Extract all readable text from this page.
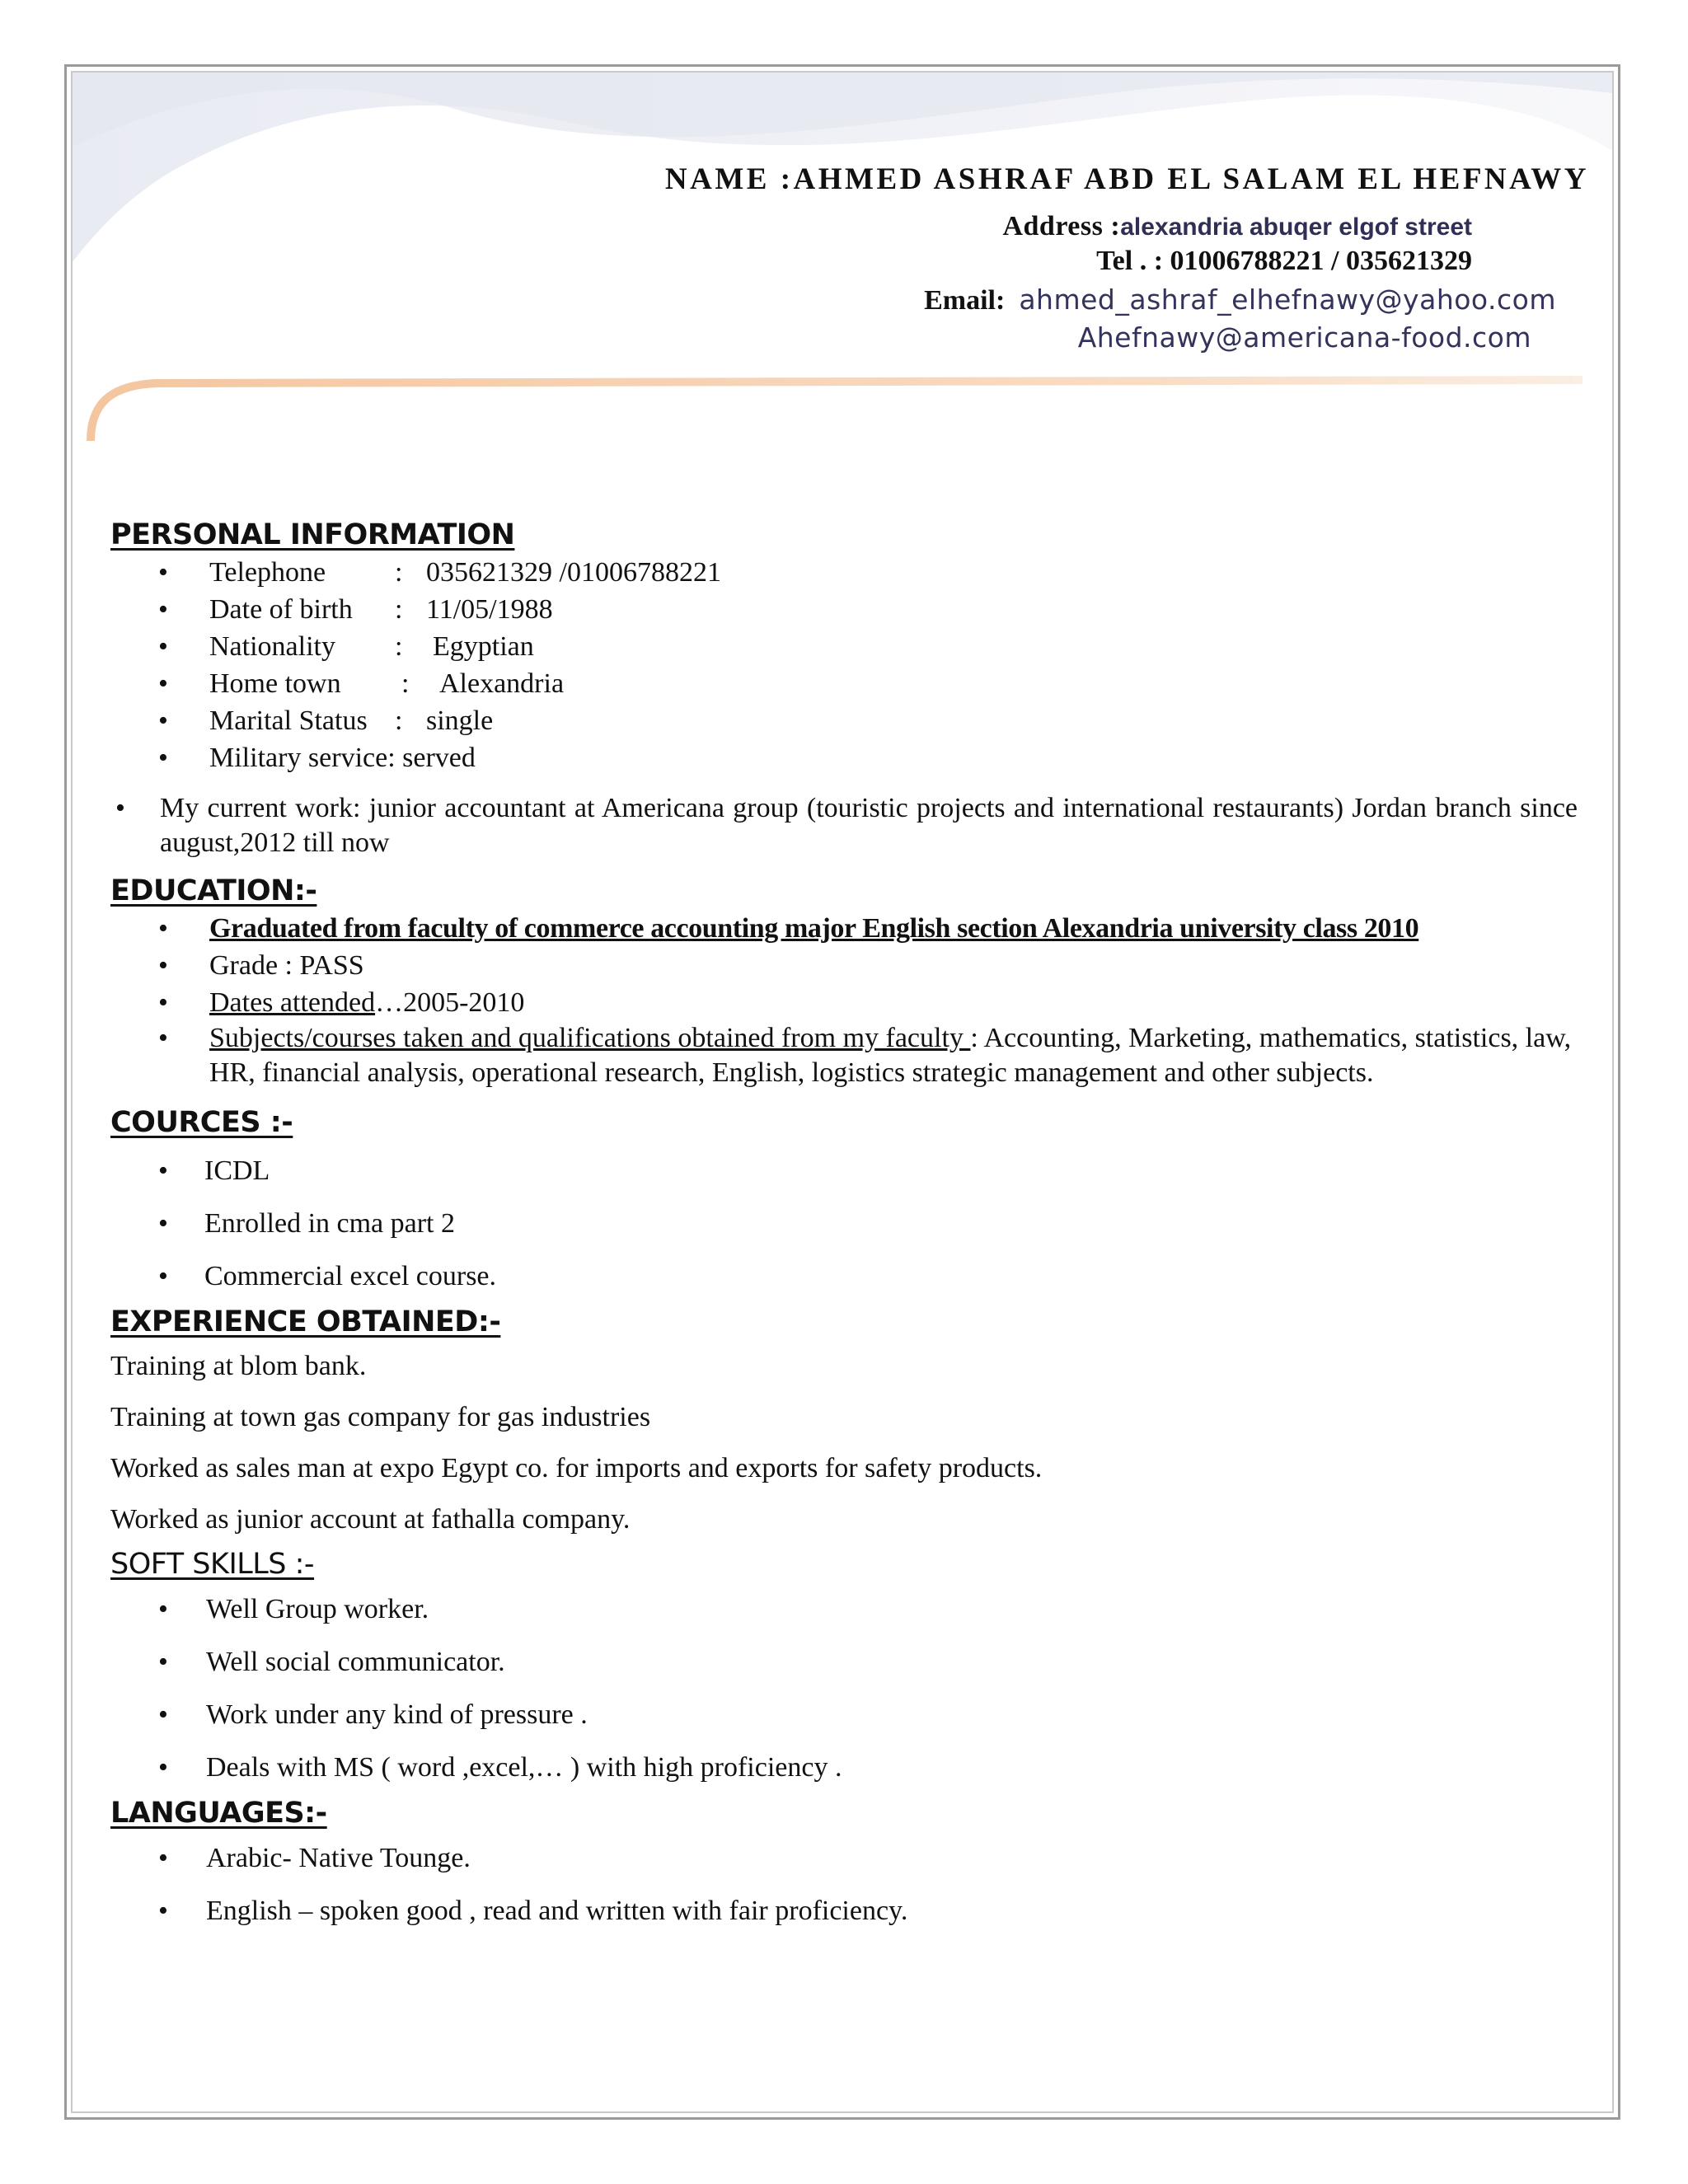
NAME :AHMED ASHRAF ABD EL SALAM EL HEFNAWY
Address :alexandria abuqer elgof street
Tel . : 01006788221 / 035621329
Email: ahmed_ashraf_elhefnawy@yahoo.com
Ahefnawy@americana-food.com
PERSONAL INFORMATION
• Telephone : 035621329 /01006788221
• Date of birth : 11/05/1988
• Nationality : Egyptian
• Home town : Alexandria
• Marital Status : single
• Military service: served
• My current work: junior accountant at Americana group (touristic projects and international restaurants) Jordan branch since august,2012 till now
EDUCATION:-
• Graduated from faculty of commerce accounting major English section Alexandria university class 2010
• Grade : PASS
• Dates attended…2005-2010
• Subjects/courses taken and qualifications obtained from my faculty : Accounting, Marketing, mathematics, statistics, law, HR, financial analysis, operational research, English, logistics strategic management and other subjects.
COURCES :-
• ICDL
• Enrolled in cma part 2
• Commercial excel course.
EXPERIENCE OBTAINED:-

Training at blom bank.

Training at town gas company for gas industries

Worked as sales man at expo Egypt co. for imports and exports for safety products.

Worked as junior account at fathalla company.

SOFT SKILLS :-
• Well Group worker.
• Well social communicator.
• Work under any kind of pressure .
• Deals with MS ( word ,excel,… ) with high proficiency .
LANGUAGES:-
• Arabic- Native Tounge.
• English – spoken good , read and written with fair proficiency.
